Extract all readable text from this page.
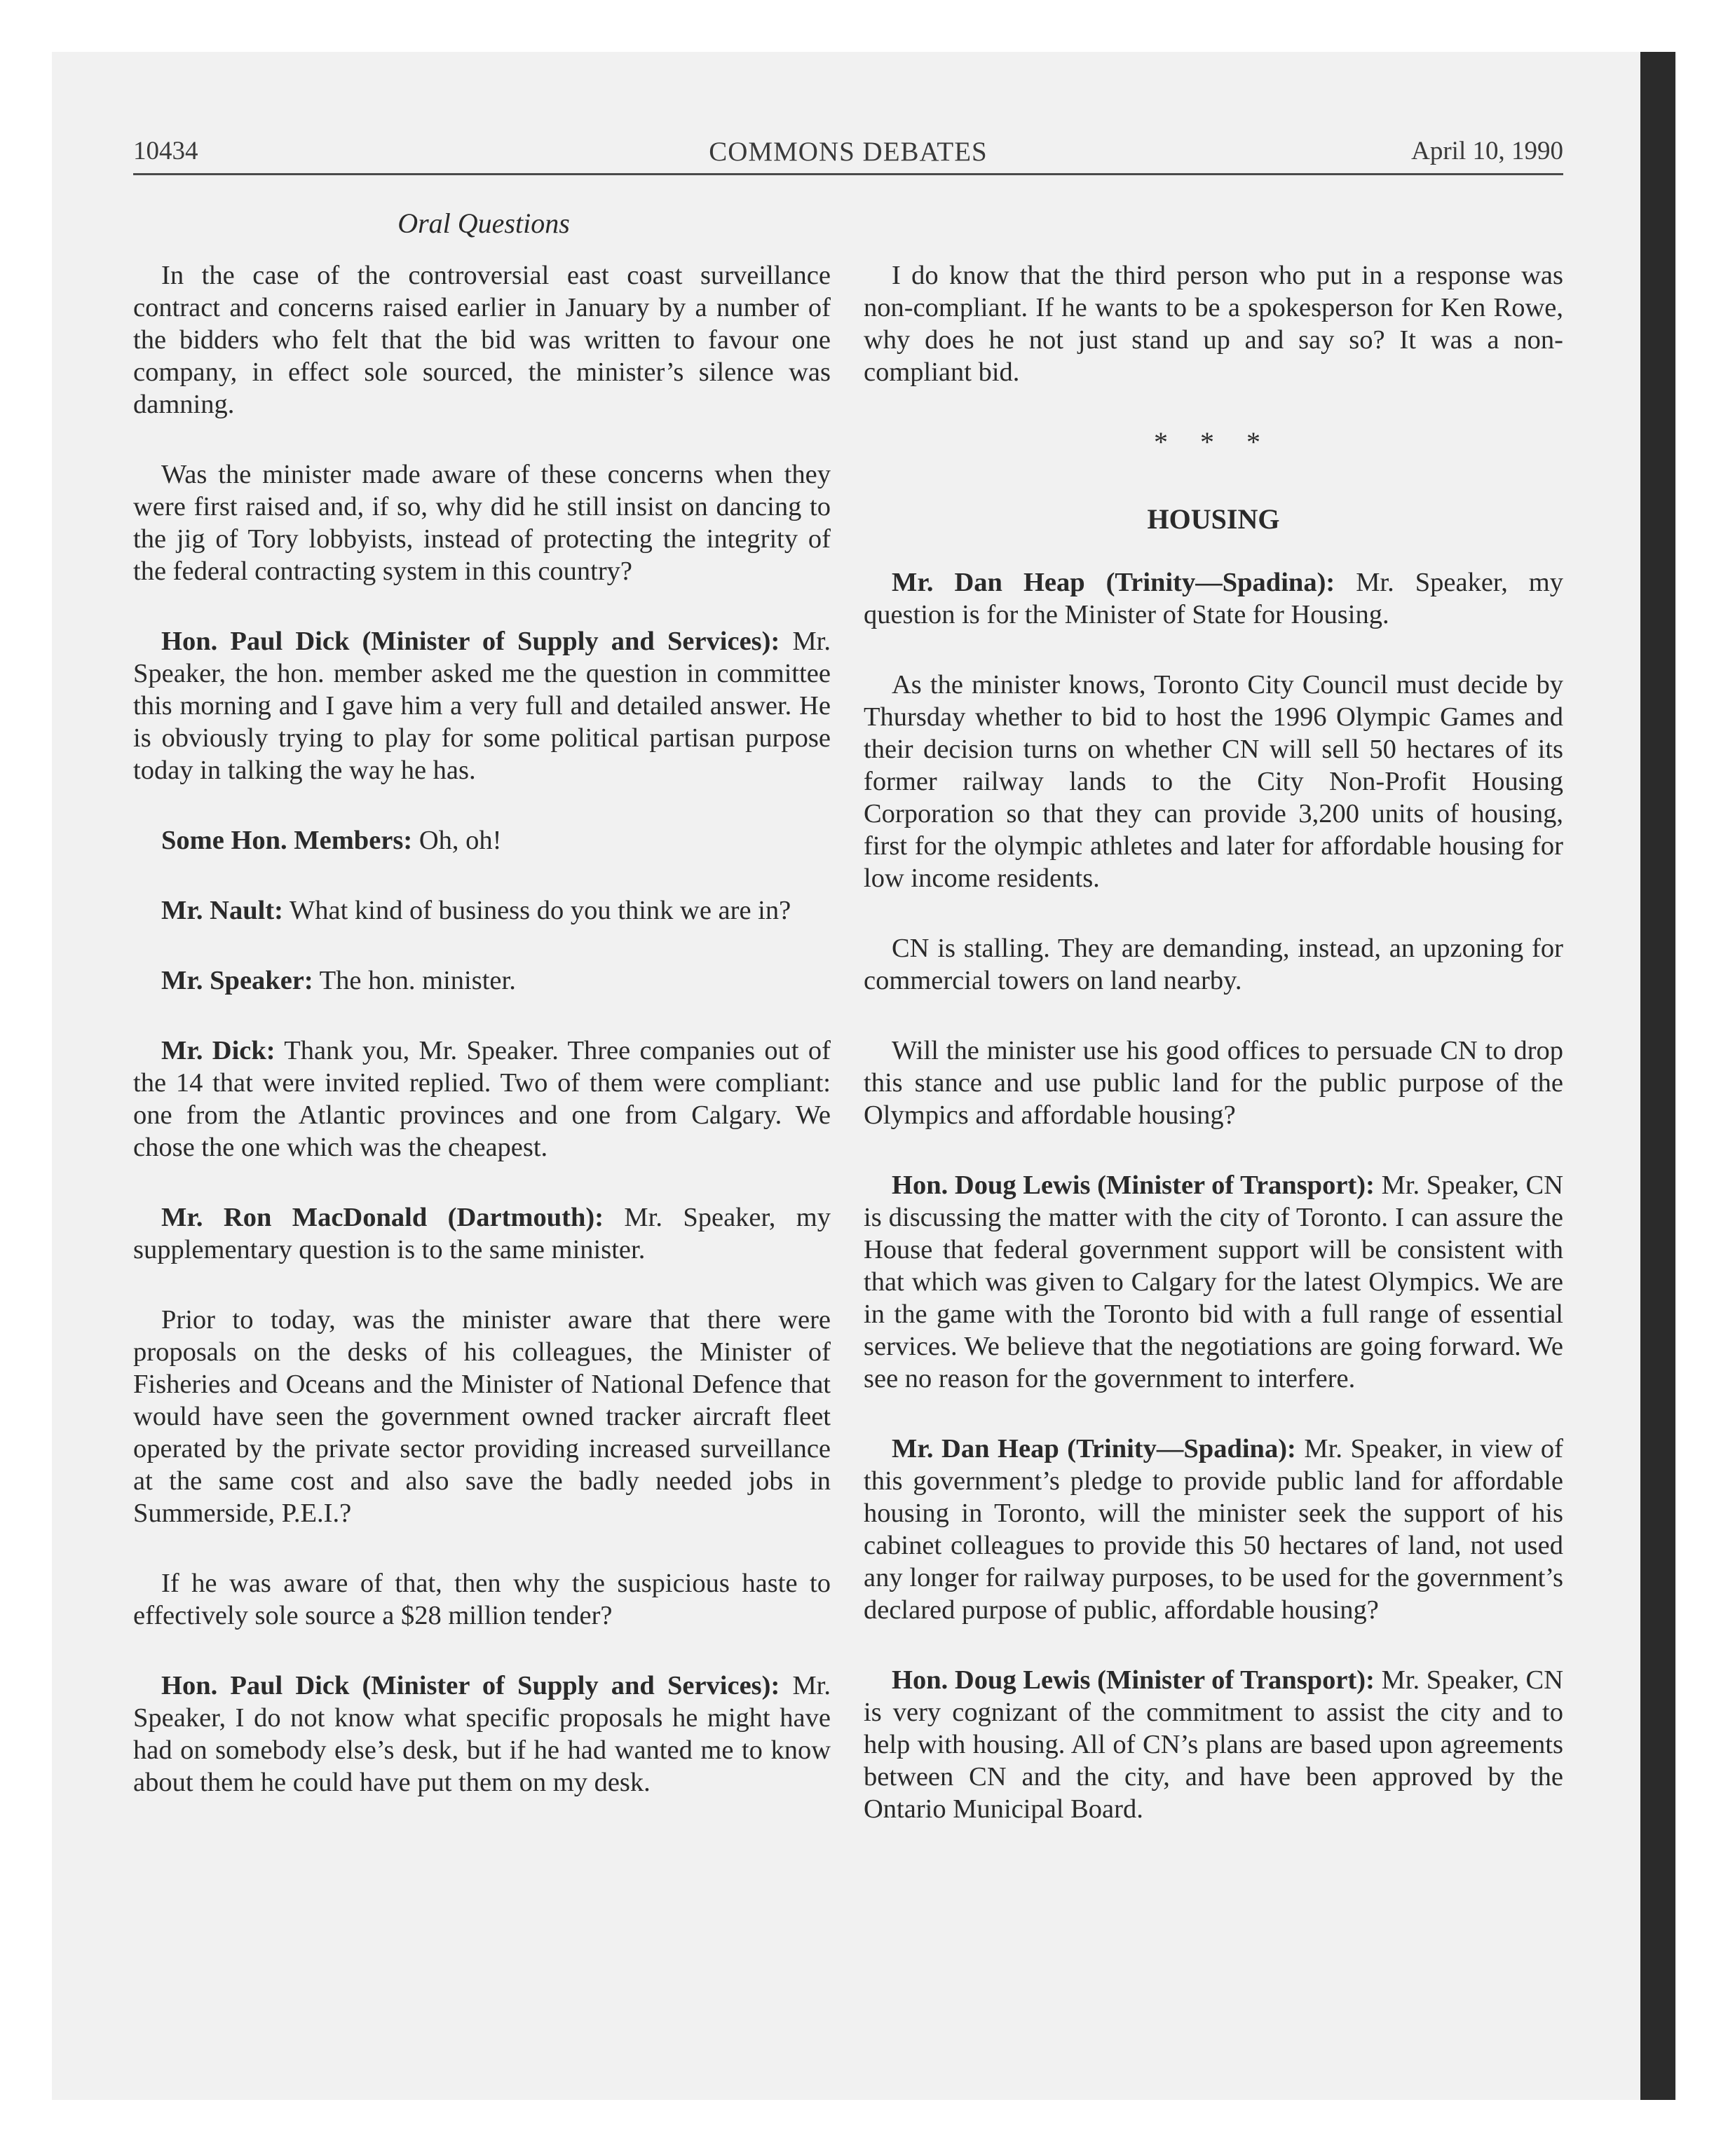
10434	COMMONS DEBATES	April 10, 1990
Oral Questions

In the case of the controversial east coast surveillance contract and concerns raised earlier in January by a number of the bidders who felt that the bid was written to favour one company, in effect sole sourced, the minister’s silence was damning.

Was the minister made aware of these concerns when they were first raised and, if so, why did he still insist on dancing to the jig of Tory lobbyists, instead of protecting the integrity of the federal contracting system in this country?

Hon. Paul Dick (Minister of Supply and Services): Mr. Speaker, the hon. member asked me the question in committee this morning and I gave him a very full and detailed answer. He is obviously trying to play for some political partisan purpose today in talking the way he has.

Some Hon. Members: Oh, oh!

Mr. Nault: What kind of business do you think we are in?

Mr. Speaker: The hon. minister.

Mr. Dick: Thank you, Mr. Speaker. Three companies out of the 14 that were invited replied. Two of them were compliant: one from the Atlantic provinces and one from Calgary. We chose the one which was the cheapest.

Mr. Ron MacDonald (Dartmouth): Mr. Speaker, my supplementary question is to the same minister.

Prior to today, was the minister aware that there were proposals on the desks of his colleagues, the Minister of Fisheries and Oceans and the Minister of National Defence that would have seen the government owned tracker aircraft fleet operated by the private sector providing increased surveillance at the same cost and also save the badly needed jobs in Summerside, P.E.I.?

If he was aware of that, then why the suspicious haste to effectively sole source a $28 million tender?

Hon. Paul Dick (Minister of Supply and Services): Mr. Speaker, I do not know what specific proposals he might have had on somebody else’s desk, but if he had wanted me to know about them he could have put them on my desk.

I do know that the third person who put in a response was non-compliant. If he wants to be a spokesperson for Ken Rowe, why does he not just stand up and say so? It was a non-compliant bid.

* * *
HOUSING

Mr. Dan Heap (Trinity—Spadina): Mr. Speaker, my question is for the Minister of State for Housing.

As the minister knows, Toronto City Council must decide by Thursday whether to bid to host the 1996 Olympic Games and their decision turns on whether CN will sell 50 hectares of its former railway lands to the City Non-Profit Housing Corporation so that they can provide 3,200 units of housing, first for the olympic athletes and later for affordable housing for low income residents.

CN is stalling. They are demanding, instead, an upzoning for commercial towers on land nearby.

Will the minister use his good offices to persuade CN to drop this stance and use public land for the public purpose of the Olympics and affordable housing?

Hon. Doug Lewis (Minister of Transport): Mr. Speaker, CN is discussing the matter with the city of Toronto. I can assure the House that federal government support will be consistent with that which was given to Calgary for the latest Olympics. We are in the game with the Toronto bid with a full range of essential services. We believe that the negotiations are going forward. We see no reason for the government to interfere.

Mr. Dan Heap (Trinity—Spadina): Mr. Speaker, in view of this government’s pledge to provide public land for affordable housing in Toronto, will the minister seek the support of his cabinet colleagues to provide this 50 hectares of land, not used any longer for railway purposes, to be used for the government’s declared purpose of public, affordable housing?

Hon. Doug Lewis (Minister of Transport): Mr. Speaker, CN is very cognizant of the commitment to assist the city and to help with housing. All of CN’s plans are based upon agreements between CN and the city, and have been approved by the Ontario Municipal Board.
